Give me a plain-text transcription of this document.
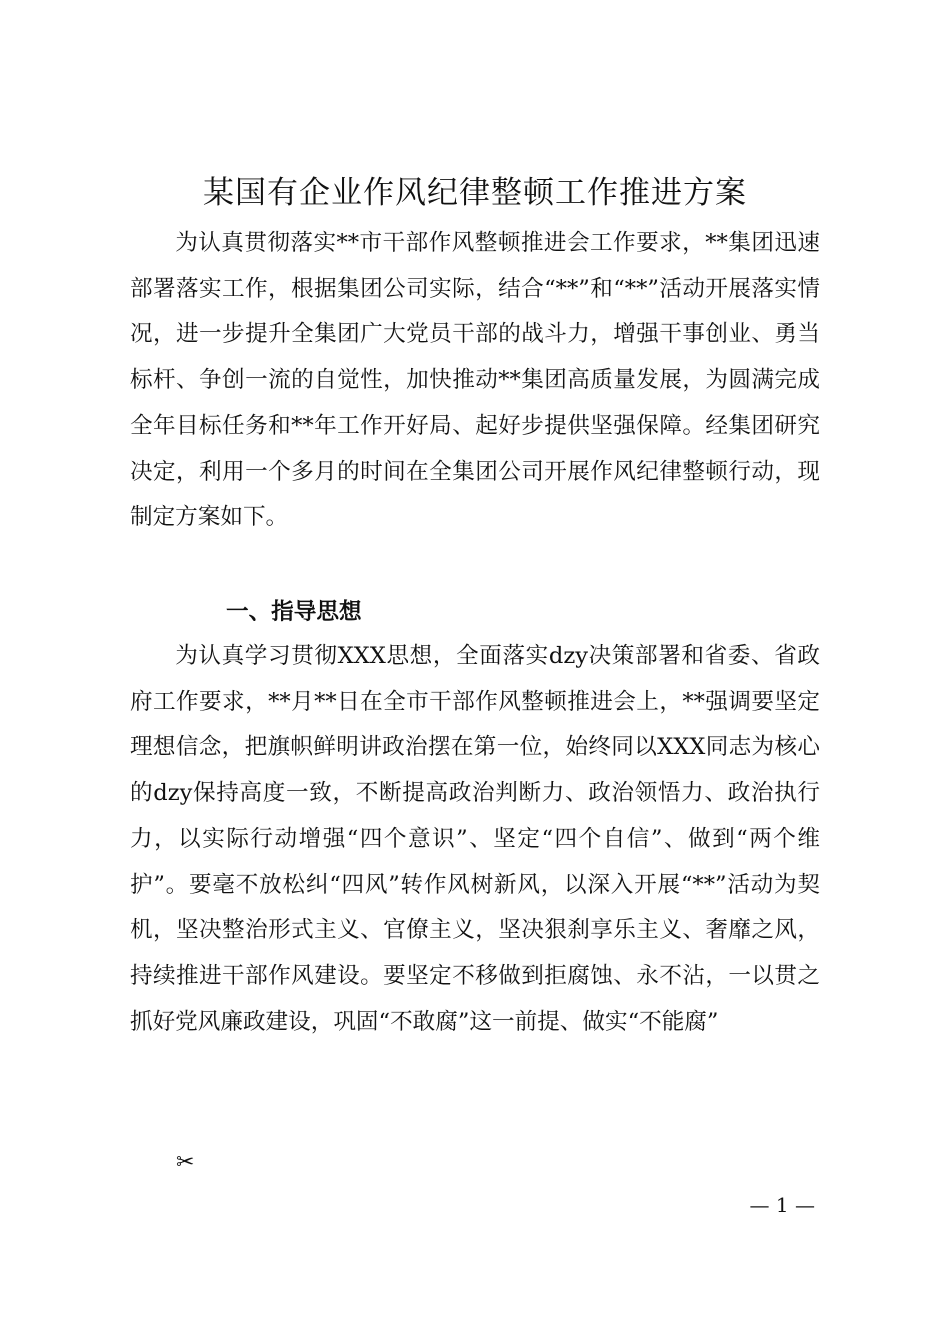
某国有企业作风纪律整顿工作推进方案

为认真贯彻落实**市干部作风整顿推进会工作要求，**集团迅速部署落实工作，根据集团公司实际，结合“**”和“**”活动开展落实情况，进一步提升全集团广大党员干部的战斗力，增强干事创业、勇当标杆、争创一流的自觉性，加快推动**集团高质量发展，为圆满完成全年目标任务和**年工作开好局、起好步提供坚强保障。经集团研究决定，利用一个多月的时间在全集团公司开展作风纪律整顿行动，现制定方案如下。

一、指导思想

为认真学习贯彻XXX思想，全面落实dzy决策部署和省委、省政府工作要求，**月**日在全市干部作风整顿推进会上，**强调要坚定理想信念，把旗帜鲜明讲政治摆在第一位，始终同以XXX同志为核心的dzy保持高度一致，不断提高政治判断力、政治领悟力、政治执行力，以实际行动增强“四个意识”、坚定“四个自信”、做到“两个维护”。要毫不放松纠“四风”转作风树新风，以深入开展“**”活动为契机，坚决整治形式主义、官僚主义，坚决狠刹享乐主义、奢靡之风，持续推进干部作风建设。要坚定不移做到拒腐蚀、永不沾，一以贯之抓好党风廉政建设，巩固“不敢腐”这一前提、做实“不能腐”

✂
— 1 —
